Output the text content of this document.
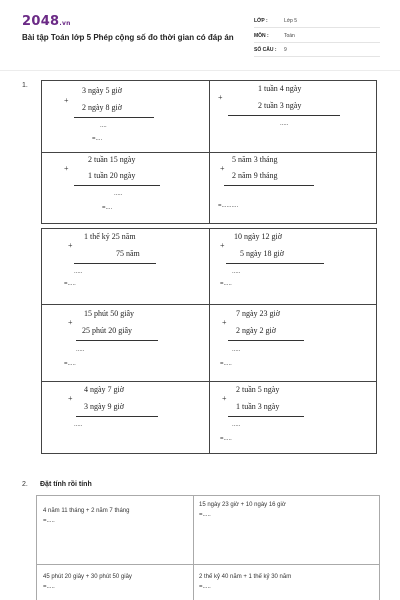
2048.vn
Bài tập Toán lớp 5 Phép cộng số đo thời gian có đáp án
LỚP :	Lớp 5
MÔN :	Toán
SỐ CÂU : 9
1.
3 ngày 5 giờ
+
2 ngày 8 giờ
....
=....
1 tuần 4 ngày
+
2 tuần 3 ngày
.....
2 tuần 15 ngày
+
1 tuần 20 ngày
.....
=....
5 năm 3 tháng
+
2 năm 9 tháng
=..........
1 thế kỷ 25 năm
+
75 năm
.....
=.....
10 ngày 12 giờ
+
5 ngày 18 giờ
.....
=.....
15 phút 50 giây
+
25 phút 20 giây
.....
=.....
7 ngày 23 giờ
+
2 ngày 2 giờ
.....
=.....
4 ngày 7 giờ
+
3 ngày 9 giờ
.....
2 tuần 5 ngày
+
1 tuần 3 ngày
.....
=.....
2. Đặt tính rồi tính
4 năm 11 tháng + 2 năm 7 tháng
=.....
15 ngày 23 giờ + 10 ngày 16 giờ
=.....
45 phút 20 giây + 30 phút 50 giây
=.....
2 thế kỷ 40 năm + 1 thế kỷ 30 năm
=.....
